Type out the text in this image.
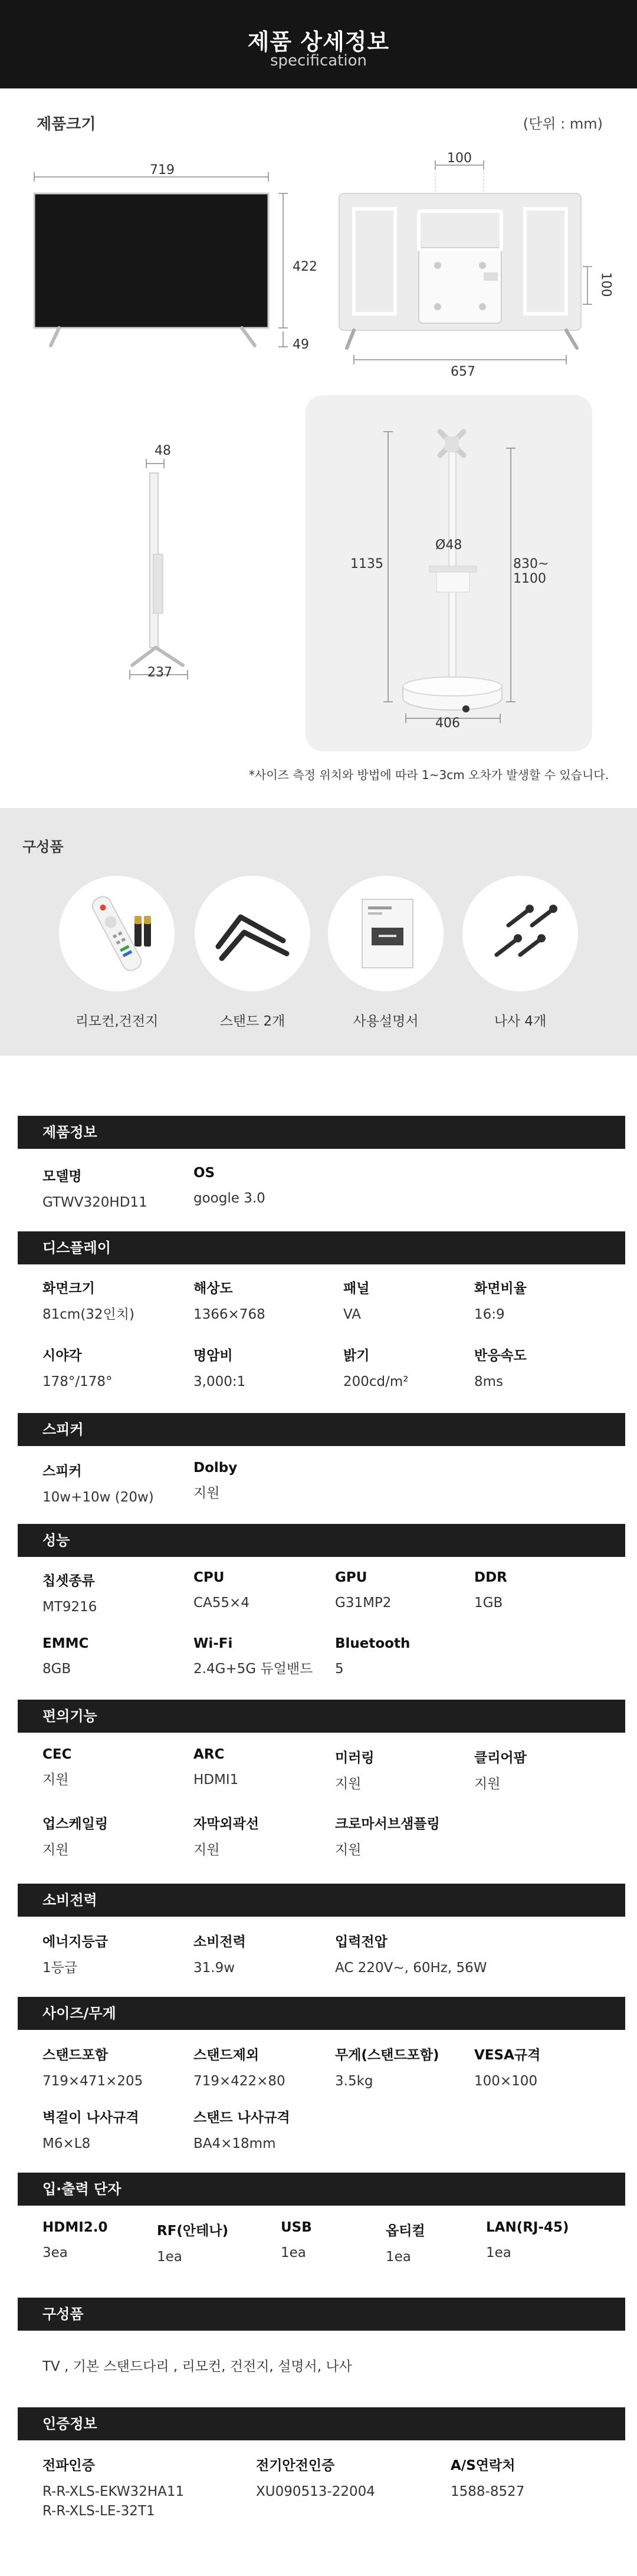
제품 상세정보
specification
제품크기	(단위 : mm)
719
422
49
100
100
657
48
237
1135
Ø48
830~
1100
406
*사이즈 측정 위치와 방법에 따라 1~3cm 오차가 발생할 수 있습니다.
구성품
리모컨,건전지	스탠드 2개	사용설명서	나사 4개
제품정보
모델명
GTWV320HD11
OS
google 3.0
디스플레이
화면크기
81cm(32인치)
해상도
1366×768
패널
VA
화면비율
16:9
시야각
178°/178°
명암비
3,000:1
밝기
200cd/m²
반응속도
8ms
스피커
스피커
10w+10w (20w)
Dolby
지원
성능
칩셋종류
MT9216
CPU
CA55×4
GPU
G31MP2
DDR
1GB
EMMC
8GB
Wi-Fi
2.4G+5G 듀얼밴드
Bluetooth
5
편의기능
CEC
지원
ARC
HDMI1
미러링
지원
클리어팜
지원
업스케일링
지원
자막외곽선
지원
크로마서브샘플링
지원
소비전력
에너지등급
1등급
소비전력
31.9w
입력전압
AC 220V~, 60Hz, 56W
사이즈/무게
스탠드포함
719×471×205
스탠드제외
719×422×80
무게(스탠드포함)
3.5kg
VESA규격
100×100
벽걸이 나사규격
M6×L8
스탠드 나사규격
BA4×18mm
입·출력 단자
HDMI2.0
3ea
RF(안테나)
1ea
USB
1ea
옵티컬
1ea
LAN(RJ-45)
1ea
구성품
TV , 기본 스탠드다리 , 리모컨, 건전지, 설명서, 나사
인증정보
전파인증
R-R-XLS-EKW32HA11
R-R-XLS-LE-32T1
전기안전인증
XU090513-22004
A/S연락처
1588-8527
